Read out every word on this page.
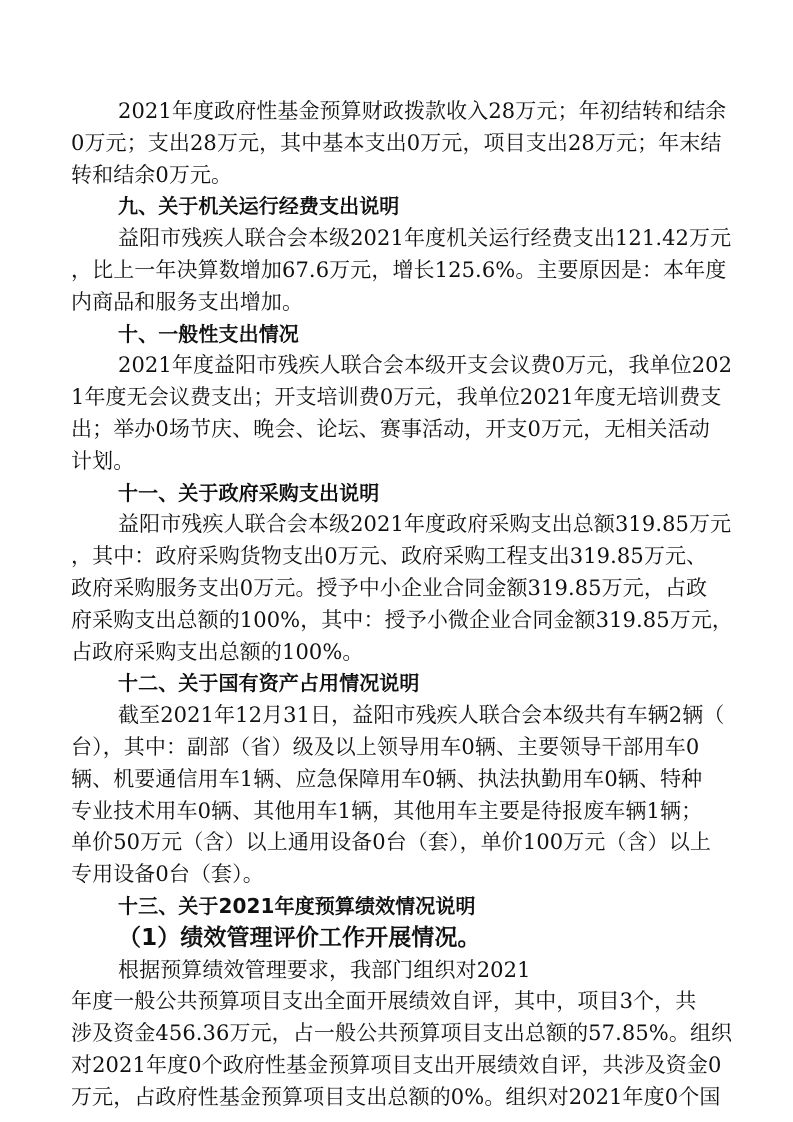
2021年度政府性基金预算财政拨款收入28万元；年初结转和结余
0万元；支出28万元，其中基本支出0万元，项目支出28万元；年末结
转和结余0万元。
九、关于机关运行经费支出说明
益阳市残疾人联合会本级2021年度机关运行经费支出121.42万元
，比上一年决算数增加67.6万元，增长125.6%。主要原因是：本年度
内商品和服务支出增加。
十、一般性支出情况
2021年度益阳市残疾人联合会本级开支会议费0万元，我单位202
1年度无会议费支出；开支培训费0万元，我单位2021年度无培训费支
出；举办0场节庆、晚会、论坛、赛事活动，开支0万元，无相关活动
计划。
十一、关于政府采购支出说明
益阳市残疾人联合会本级2021年度政府采购支出总额319.85万元
，其中：政府采购货物支出0万元、政府采购工程支出319.85万元、
政府采购服务支出0万元。授予中小企业合同金额319.85万元，占政
府采购支出总额的100%，其中：授予小微企业合同金额319.85万元，
占政府采购支出总额的100%。
十二、关于国有资产占用情况说明
截至2021年12月31日，益阳市残疾人联合会本级共有车辆2辆（
台），其中：副部（省）级及以上领导用车0辆、主要领导干部用车0
辆、机要通信用车1辆、应急保障用车0辆、执法执勤用车0辆、特种
专业技术用车0辆、其他用车1辆，其他用车主要是待报废车辆1辆；
单价50万元（含）以上通用设备0台（套），单价100万元（含）以上
专用设备0台（套）。
十三、关于2021年度预算绩效情况说明
（1）绩效管理评价工作开展情况。
根据预算绩效管理要求，我部门组织对2021
年度一般公共预算项目支出全面开展绩效自评，其中，项目3个，共
涉及资金456.36万元，占一般公共预算项目支出总额的57.85%。组织
对2021年度0个政府性基金预算项目支出开展绩效自评，共涉及资金0
万元，占政府性基金预算项目支出总额的0%。组织对2021年度0个国
